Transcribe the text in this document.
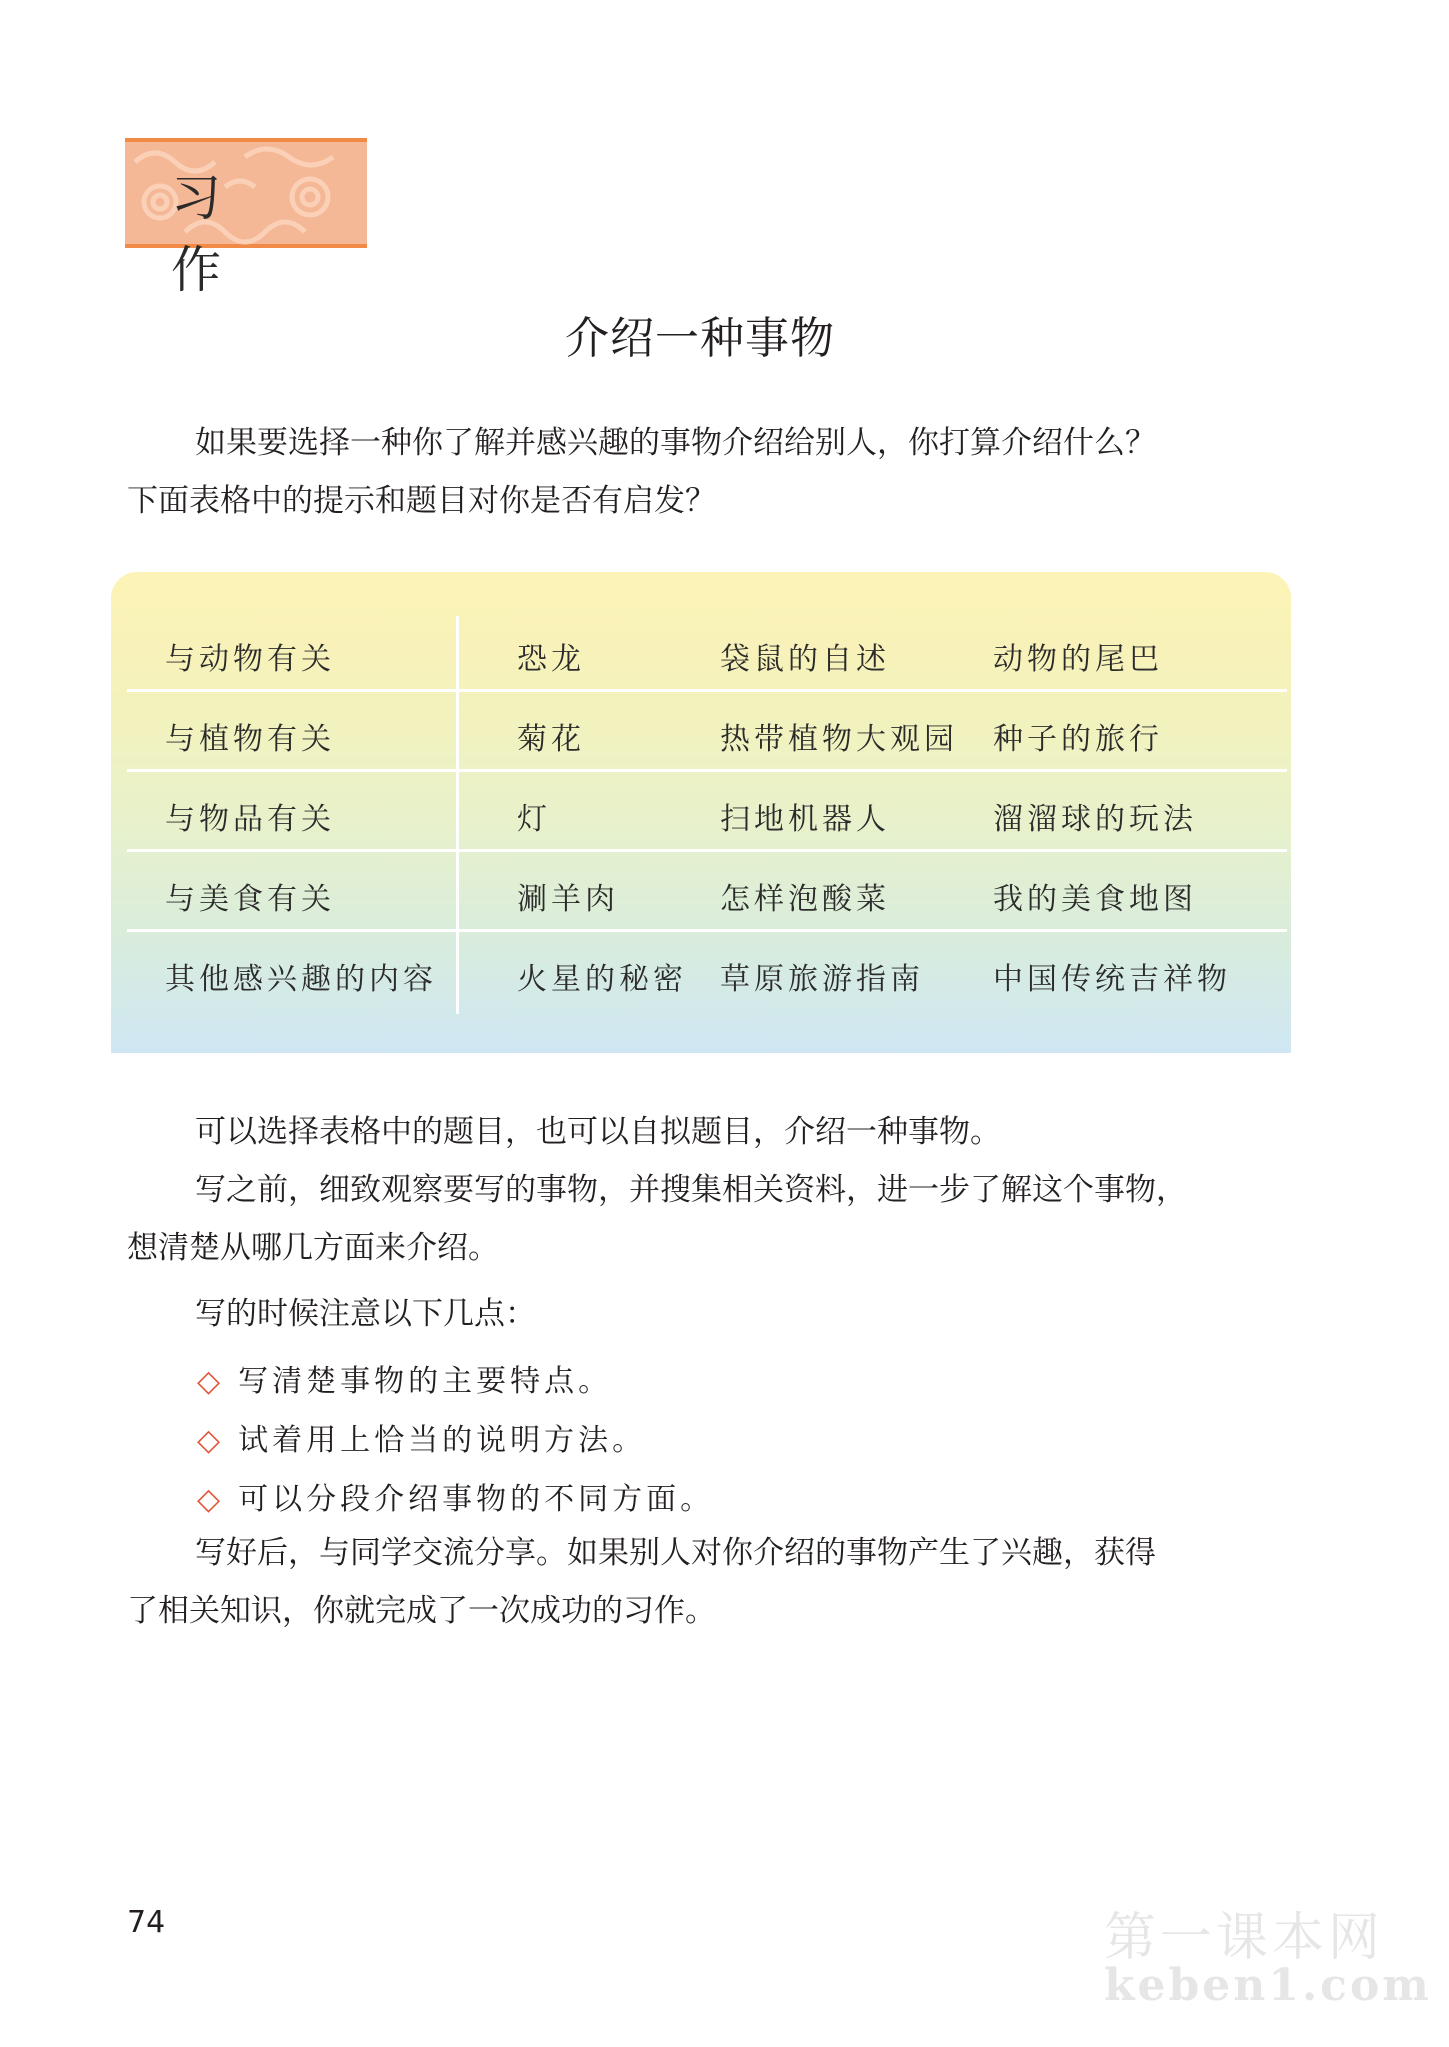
习 作
介绍一种事物

如果要选择一种你了解并感兴趣的事物介绍给别人，你打算介绍什么？
下面表格中的提示和题目对你是否有启发？

与动物有关	恐龙	袋鼠的自述	动物的尾巴
与植物有关	菊花	热带植物大观园 种子的旅行
与物品有关	灯	扫地机器人	溜溜球的玩法
与美食有关	涮羊肉	怎样泡酸菜	我的美食地图
其他感兴趣的内容	火星的秘密 草原旅游指南 中国传统吉祥物

可以选择表格中的题目，也可以自拟题目，介绍一种事物。

写之前，细致观察要写的事物，并搜集相关资料，进一步了解这个事物，
想清楚从哪几方面来介绍。

写的时候注意以下几点：

◇ 写清楚事物的主要特点。
◇ 试着用上恰当的说明方法。
◇ 可以分段介绍事物的不同方面。

写好后，与同学交流分享。如果别人对你介绍的事物产生了兴趣，获得
了相关知识，你就完成了一次成功的习作。

74	第一课本网
keben1.com
